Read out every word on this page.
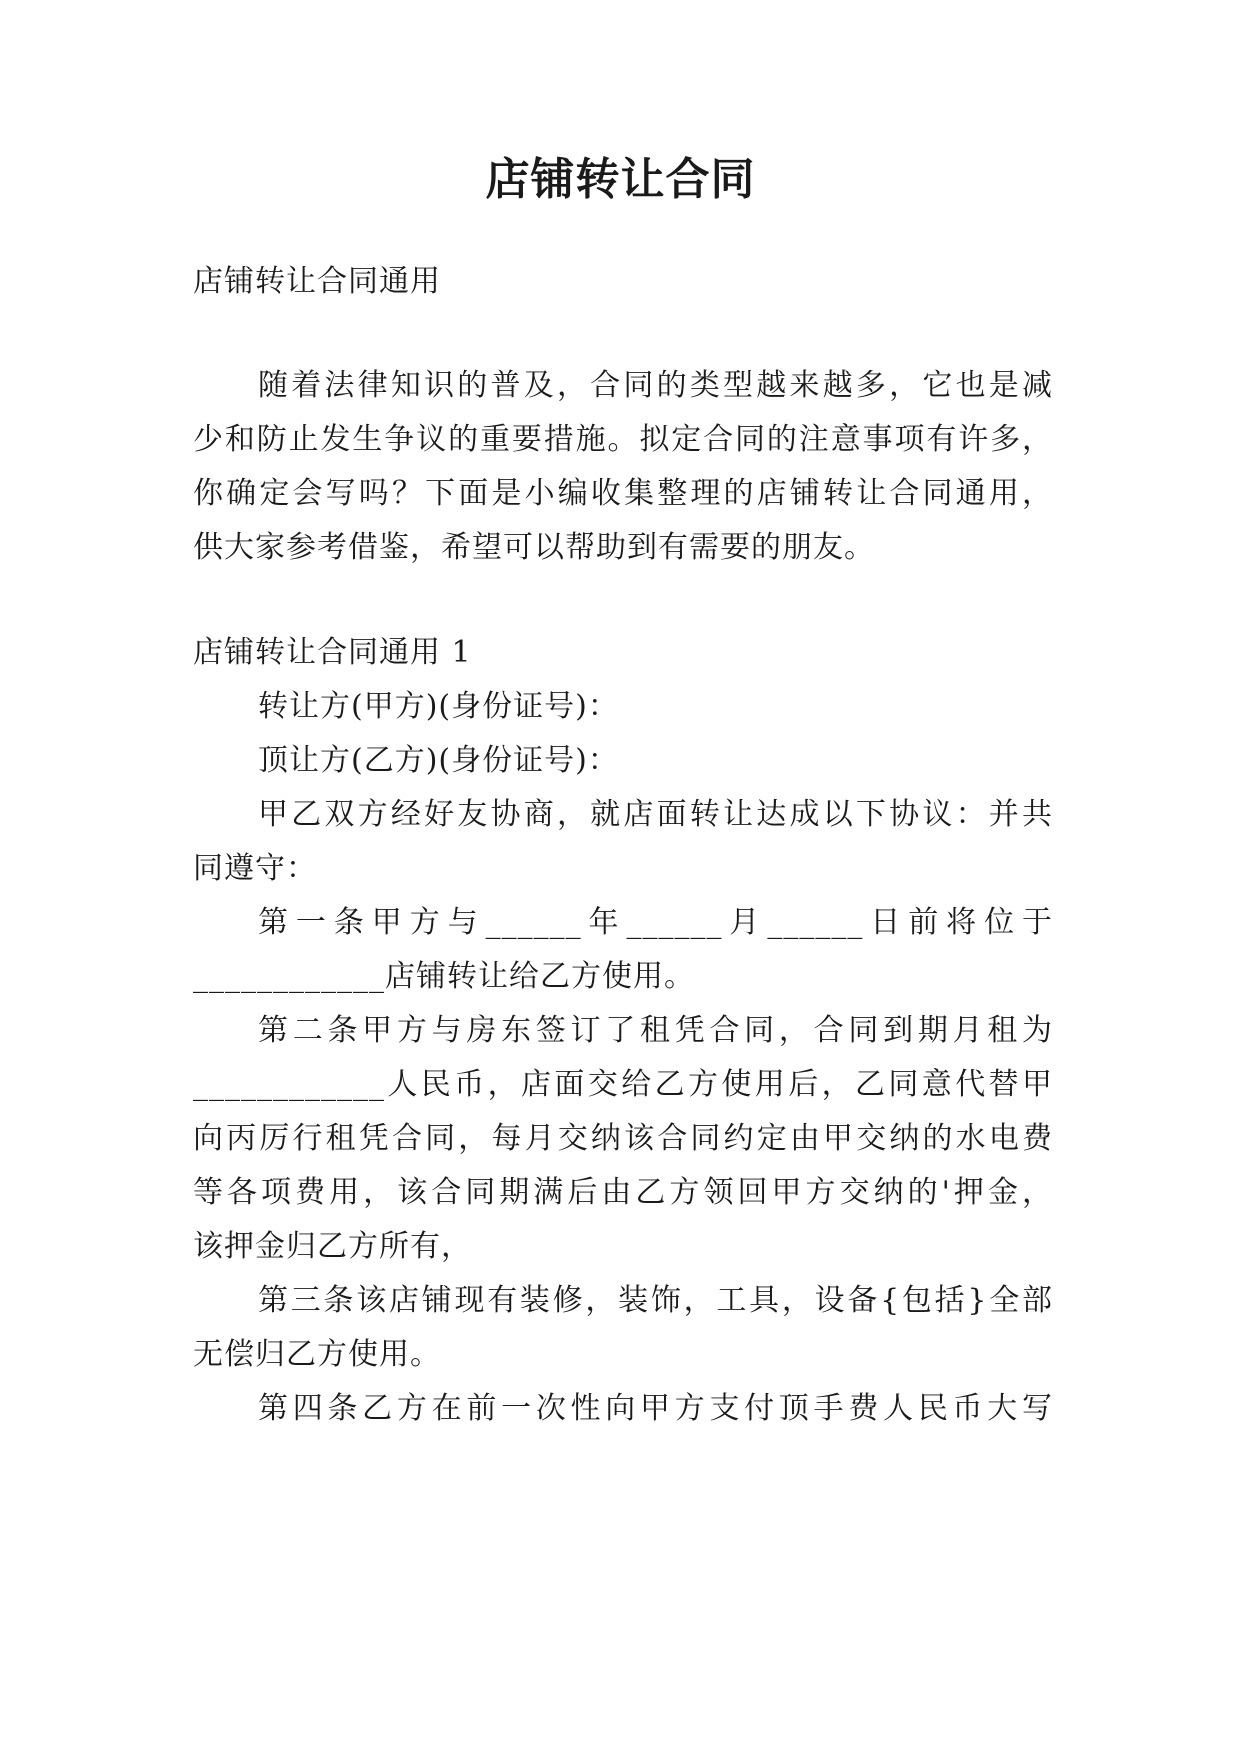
店铺转让合同
店铺转让合同通用
随着法律知识的普及，合同的类型越来越多，它也是减
少和防止发生争议的重要措施。拟定合同的注意事项有许多，
你确定会写吗？下面是小编收集整理的店铺转让合同通用，
供大家参考借鉴，希望可以帮助到有需要的朋友。
店铺转让合同通用 1
转让方(甲方)(身份证号)：
顶让方(乙方)(身份证号)：
甲乙双方经好友协商，就店面转让达成以下协议：并共
同遵守：
第一条甲方与______年______月______日前将位于
____________店铺转让给乙方使用。
第二条甲方与房东签订了租凭合同，合同到期月租为
____________人民币，店面交给乙方使用后，乙同意代替甲
向丙厉行租凭合同，每月交纳该合同约定由甲交纳的水电费
等各项费用，该合同期满后由乙方领回甲方交纳的'押金，
该押金归乙方所有，
第三条该店铺现有装修，装饰，工具，设备{包括}全部
无偿归乙方使用。
第四条乙方在前一次性向甲方支付顶手费人民币大写
